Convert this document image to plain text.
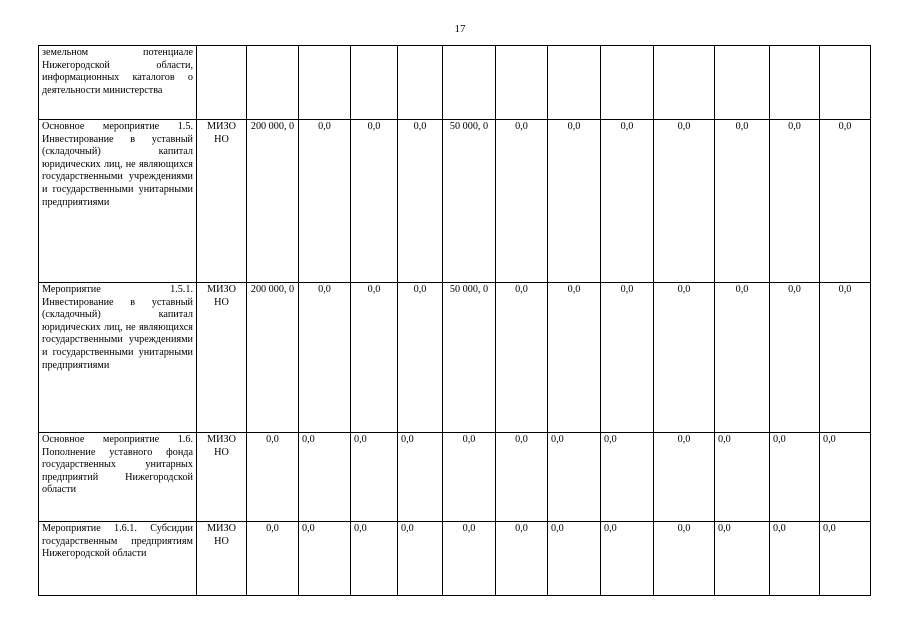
17
земельном потенциале Нижегородской области, информационных каталогов о деятельности министерства													
Основное мероприятие 1.5. Инвестирование в уставный (складочный) капитал юридических лиц, не являющихся государственными учреждениями и государственными унитарными предприятиями	МИЗО НО	200 000, 0	0,0	0,0	0,0	50 000, 0	0,0	0,0	0,0	0,0	0,0	0,0	0,0
Мероприятие 1.5.1. Инвестирование в уставный (складочный) капитал юридических лиц, не являющихся государственными учреждениями и государственными унитарными предприятиями	МИЗО НО	200 000, 0	0,0	0,0	0,0	50 000, 0	0,0	0,0	0,0	0,0	0,0	0,0	0,0
Основное мероприятие 1.6. Пополнение уставного фонда государственных унитарных предприятий Нижегородской области	МИЗО НО	0,0	0,0	0,0	0,0	0,0	0,0	0,0	0,0	0,0	0,0	0,0	0,0
Мероприятие 1.6.1. Субсидии государственным предприятиям Нижегородской области	МИЗО НО	0,0	0,0	0,0	0,0	0,0	0,0	0,0	0,0	0,0	0,0	0,0	0,0
